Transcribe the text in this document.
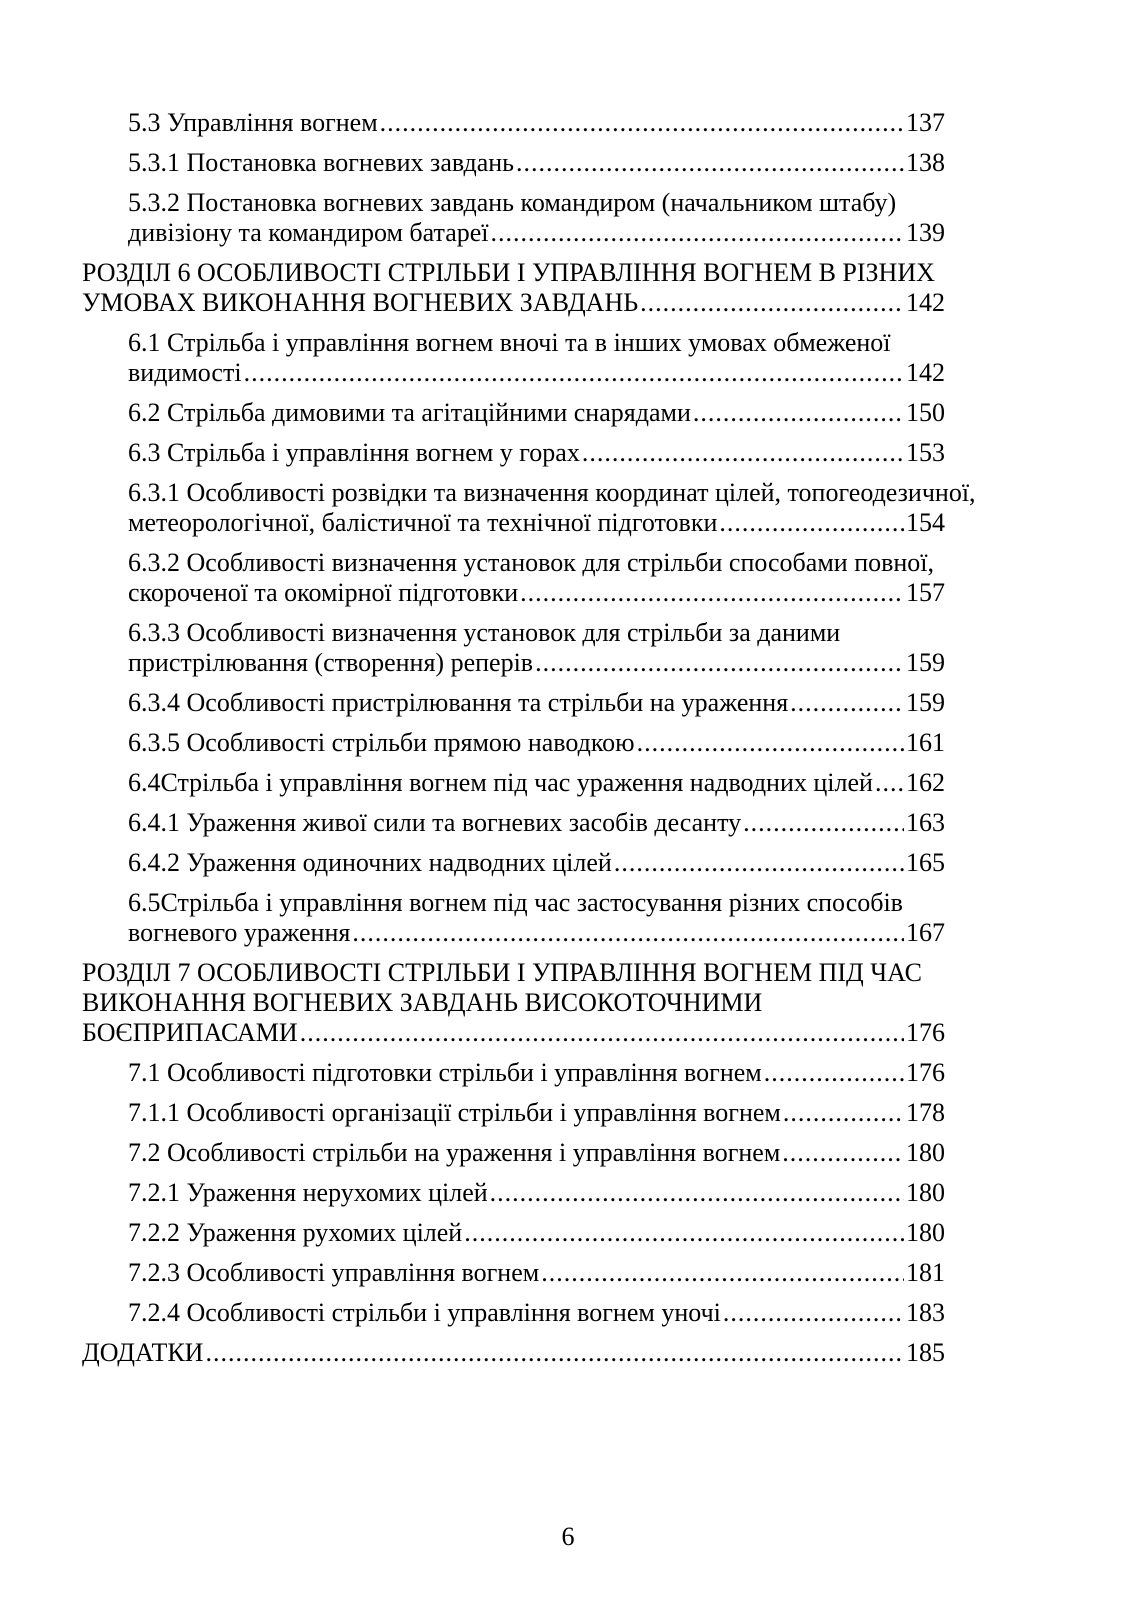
5.3 Управління вогнем .....	137
5.3.1 Постановка вогневих завдань .....	138
5.3.2 Постановка вогневих завдань командиром (начальником штабу)
дивізіону та командиром батареї .....	139
РОЗДІЛ 6 ОСОБЛИВОСТІ СТРІЛЬБИ І УПРАВЛІННЯ ВОГНЕМ В РІЗНИХ
УМОВАХ ВИКОНАННЯ ВОГНЕВИХ ЗАВДАНЬ .....	142
6.1 Стрільба і управління вогнем вночі та в інших умовах обмеженої
видимості .....	142
6.2 Стрільба димовими та агітаційними снарядами .....	150
6.3 Стрільба і управління вогнем у горах .....	153
6.3.1 Особливості розвідки та визначення координат цілей, топогеодезичної,
метеорологічної, балістичної та технічної підготовки .....	154
6.3.2 Особливості визначення установок для стрільби способами повної,
скороченої та окомірної підготовки .....	157
6.3.3 Особливості визначення установок для стрільби за даними
пристрілювання (створення) реперів .....	159
6.3.4 Особливості пристрілювання та стрільби на ураження .....	159
6.3.5 Особливості стрільби прямою наводкою .....	161
6.4Стрільба і управління вогнем під час ураження надводних цілей ..... 162
6.4.1 Ураження живої сили та вогневих засобів десанту .....	163
6.4.2 Ураження одиночних надводних цілей .....	165
6.5Стрільба і управління вогнем під час застосування різних способів
вогневого ураження .....	167
РОЗДІЛ 7 ОСОБЛИВОСТІ СТРІЛЬБИ І УПРАВЛІННЯ ВОГНЕМ ПІД ЧАС
ВИКОНАННЯ ВОГНЕВИХ ЗАВДАНЬ ВИСОКОТОЧНИМИ
БОЄПРИПАСАМИ .....	176
7.1 Особливості підготовки стрільби і управління вогнем .....	176
7.1.1 Особливості організації стрільби і управління вогнем .....	178
7.2 Особливості стрільби на ураження і управління вогнем .....	180
7.2.1 Ураження нерухомих цілей .....	180
7.2.2 Ураження рухомих цілей .....	180
7.2.3 Особливості управління вогнем .....	181
7.2.4 Особливості стрільби і управління вогнем уночі .....	183
ДОДАТКИ .....	185
6
